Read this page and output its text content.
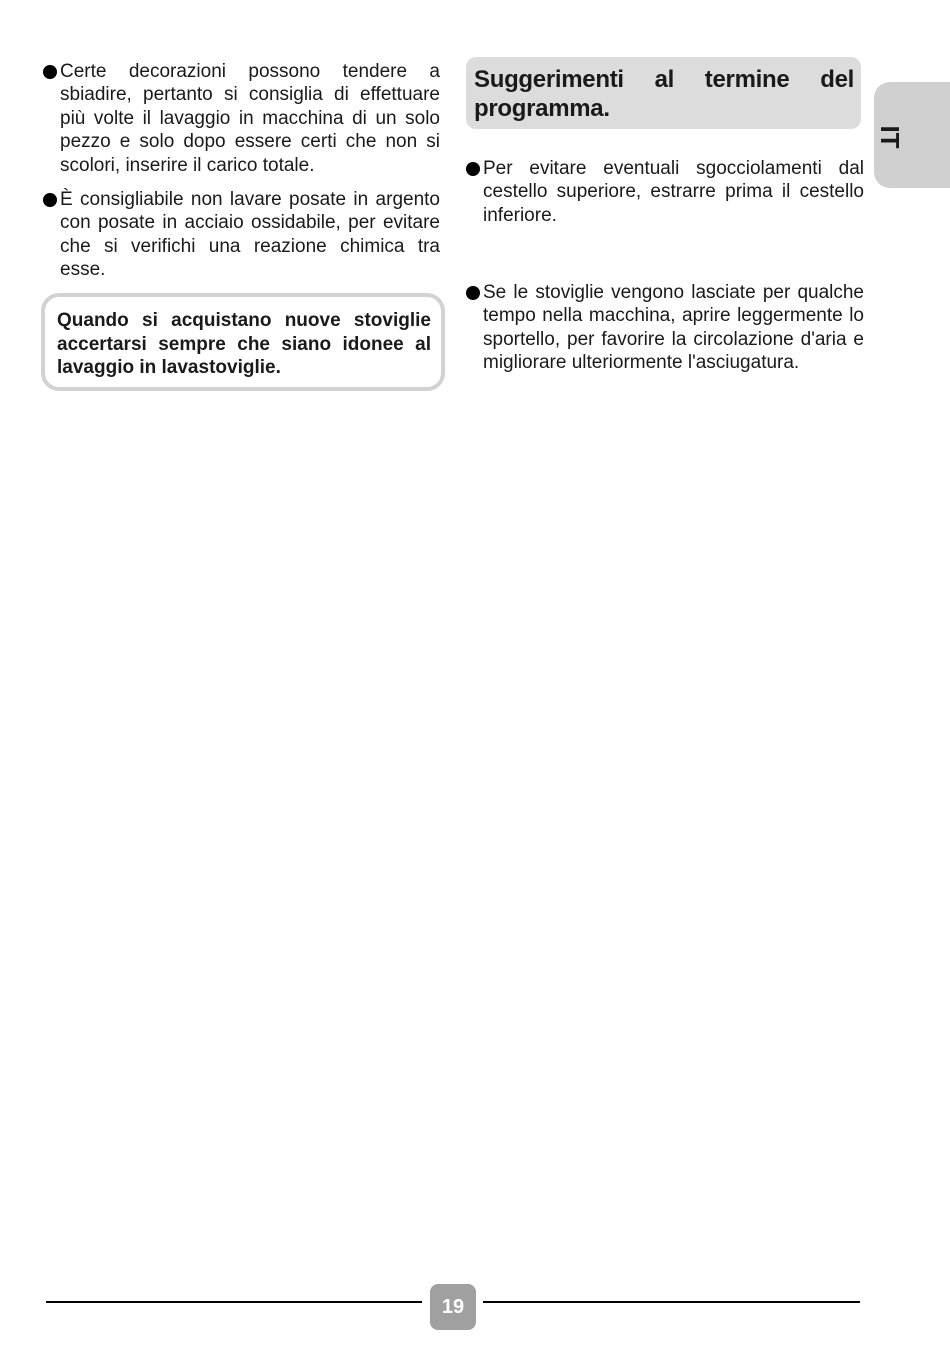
Certe decorazioni possono tendere a sbiadire, pertanto si consiglia di effettuare più volte il lavaggio in macchina di un solo pezzo e solo dopo essere certi che non si scolori, inserire il carico totale.
È consigliabile non lavare posate in argento con posate in acciaio ossidabile, per evitare che si verifichi una reazione chimica tra esse.
Quando si acquistano nuove stoviglie accertarsi sempre che siano idonee al lavaggio in lavastoviglie.
Suggerimenti al termine del programma.
Per evitare eventuali sgocciolamenti dal cestello superiore, estrarre prima il cestello inferiore.
Se le stoviglie vengono lasciate per qualche tempo nella macchina, aprire leggermente lo sportello, per favorire la circolazione d'aria e migliorare ulteriormente l'asciugatura.
IT
19
